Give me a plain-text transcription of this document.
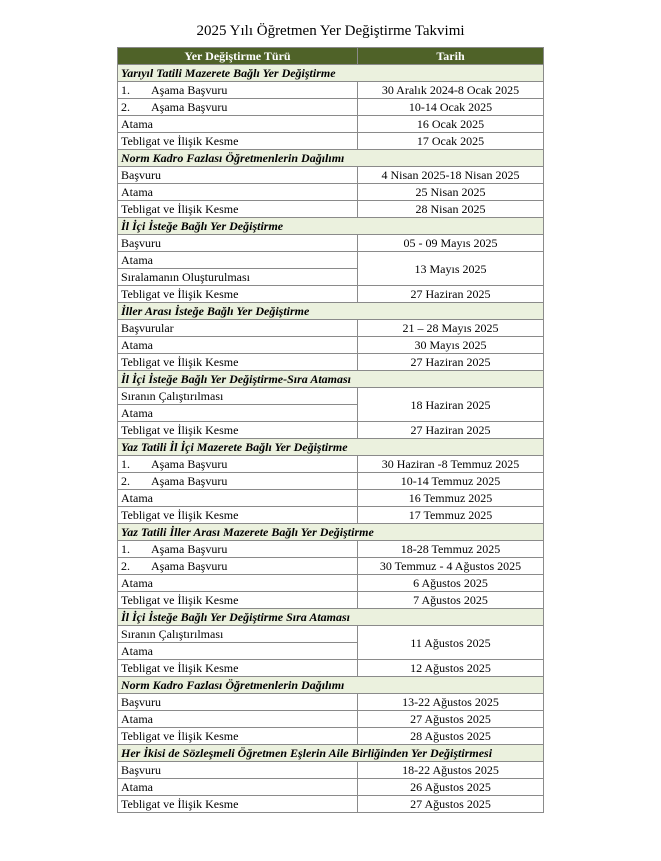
2025 Yılı Öğretmen Yer Değiştirme Takvimi
Yer Değiştirme Türü	Tarih
Yarıyıl Tatili Mazerete Bağlı Yer Değiştirme	
1. Aşama Başvuru	30 Aralık 2024-8 Ocak 2025
2. Aşama Başvuru	10-14 Ocak 2025
Atama	16 Ocak 2025
Tebligat ve İlişik Kesme	17 Ocak 2025
Norm Kadro Fazlası Öğretmenlerin Dağılımı	
Başvuru	4 Nisan 2025-18 Nisan 2025
Atama	25 Nisan 2025
Tebligat ve İlişik Kesme	28 Nisan 2025
İl İçi İsteğe Bağlı Yer Değiştirme	
Başvuru	05 - 09 Mayıs 2025
Atama	13 Mayıs 2025
Sıralamanın Oluşturulması	
Tebligat ve İlişik Kesme	27 Haziran 2025
İller Arası İsteğe Bağlı Yer Değiştirme	
Başvurular	21 – 28 Mayıs 2025
Atama	30 Mayıs 2025
Tebligat ve İlişik Kesme	27 Haziran 2025
İl İçi İsteğe Bağlı Yer Değiştirme-Sıra Ataması	
Sıranın Çalıştırılması	18 Haziran 2025
Atama	
Tebligat ve İlişik Kesme	27 Haziran 2025
Yaz Tatili İl İçi Mazerete Bağlı Yer Değiştirme	
1. Aşama Başvuru	30 Haziran -8 Temmuz 2025
2. Aşama Başvuru	10-14 Temmuz 2025
Atama	16 Temmuz 2025
Tebligat ve İlişik Kesme	17 Temmuz 2025
Yaz Tatili İller Arası Mazerete Bağlı Yer Değiştirme	
1. Aşama Başvuru	18-28 Temmuz 2025
2. Aşama Başvuru	30 Temmuz - 4 Ağustos 2025
Atama	6 Ağustos 2025
Tebligat ve İlişik Kesme	7 Ağustos 2025
İl İçi İsteğe Bağlı Yer Değiştirme Sıra Ataması	
Sıranın Çalıştırılması	11 Ağustos 2025
Atama	
Tebligat ve İlişik Kesme	12 Ağustos 2025
Norm Kadro Fazlası Öğretmenlerin Dağılımı	
Başvuru	13-22 Ağustos 2025
Atama	27 Ağustos 2025
Tebligat ve İlişik Kesme	28 Ağustos 2025
Her İkisi de Sözleşmeli Öğretmen Eşlerin Aile Birliğinden Yer Değiştirmesi	
Başvuru	18-22 Ağustos 2025
Atama	26 Ağustos 2025
Tebligat ve İlişik Kesme	27 Ağustos 2025
